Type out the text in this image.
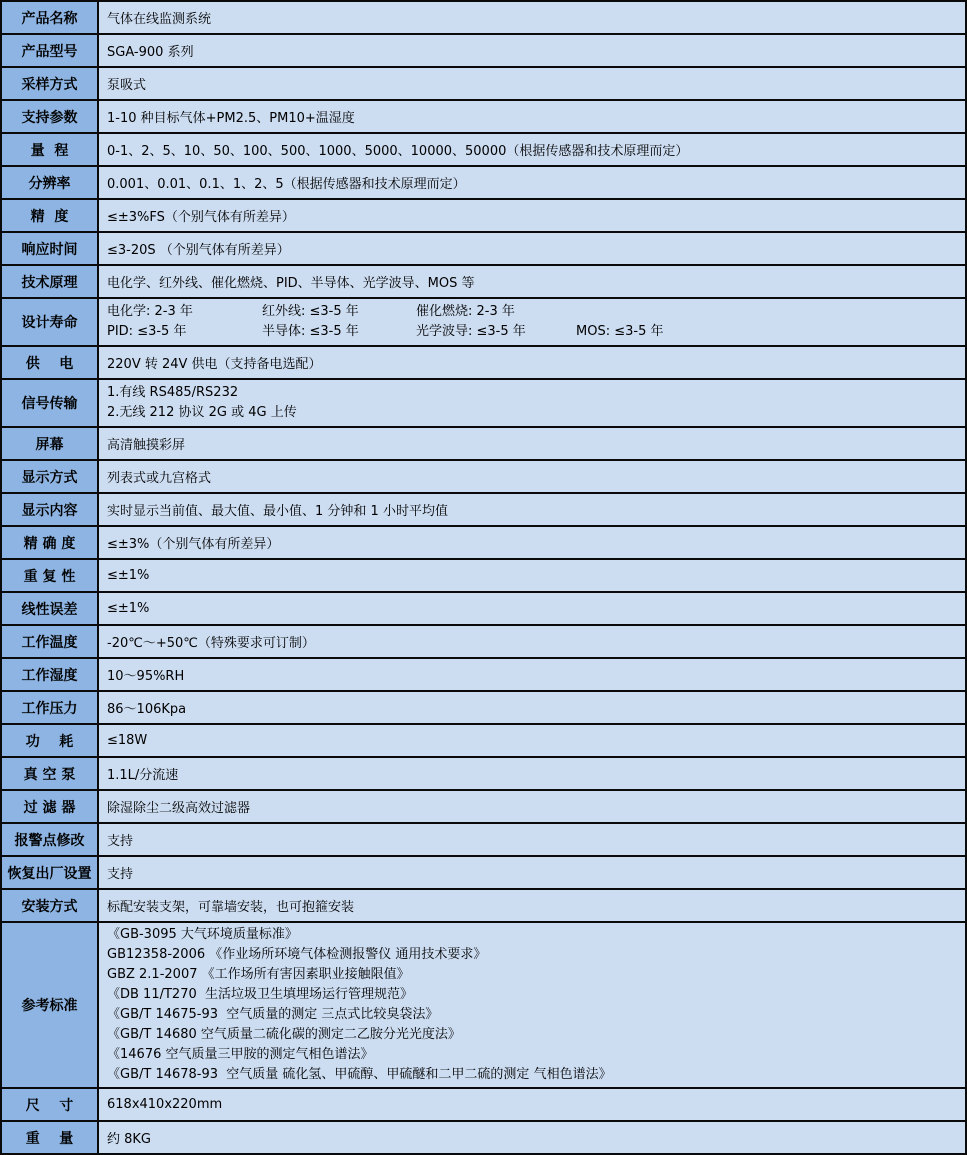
产品名称	气体在线监测系统
产品型号	SGA-900 系列
采样方式	泵吸式
支持参数	1-10 种目标气体+PM2.5、PM10+温湿度
量  程	0-1、2、5、10、50、100、500、1000、5000、10000、50000（根据传感器和技术原理而定）
分辨率	0.001、0.01、0.1、1、2、5（根据传感器和技术原理而定）
精  度	≤±3%FS（个别气体有所差异）
响应时间	≤3-20S （个别气体有所差异）
技术原理	电化学、红外线、催化燃烧、PID、半导体、光学波导、MOS 等
设计寿命	电化学: 2-3 年 红外线: ≤3-5 年 催化燃烧: 2-3 年
PID: ≤3-5 年 半导体: ≤3-5 年 光学波导: ≤3-5 年 MOS: ≤3-5 年

供    电	220V 转 24V 供电（支持备电选配）
信号传输	1.有线 RS485/RS232
2.无线 212 协议 2G 或 4G 上传

屏幕	高清触摸彩屏
显示方式	列表式或九宫格式
显示内容	实时显示当前值、最大值、最小值、1 分钟和 1 小时平均值
精 确 度	≤±3%（个别气体有所差异）
重 复 性	≤±1%
线性误差	≤±1%
工作温度	-20℃～+50℃（特殊要求可订制）
工作湿度	10～95%RH
工作压力	86～106Kpa
功    耗	≤18W
真 空 泵	1.1L/分流速
过 滤 器	除湿除尘二级高效过滤器
报警点修改	支持
恢复出厂设置	支持
安装方式	标配安装支架，可靠墙安装，也可抱箍安装
参考标准	
《GB-3095 大气环境质量标准》
GB12358-2006 《作业场所环境气体检测报警仪 通用技术要求》
GBZ 2.1-2007 《工作场所有害因素职业接触限值》
《DB 11/T270  生活垃圾卫生填埋场运行管理规范》
《GB/T 14675-93  空气质量的测定 三点式比较臭袋法》
《GB/T 14680 空气质量二硫化碳的测定二乙胺分光光度法》
《14676 空气质量三甲胺的测定气相色谱法》
《GB/T 14678-93  空气质量 硫化氢、甲硫醇、甲硫醚和二甲二硫的测定 气相色谱法》

尺    寸	618x410x220mm
重    量	约 8KG
